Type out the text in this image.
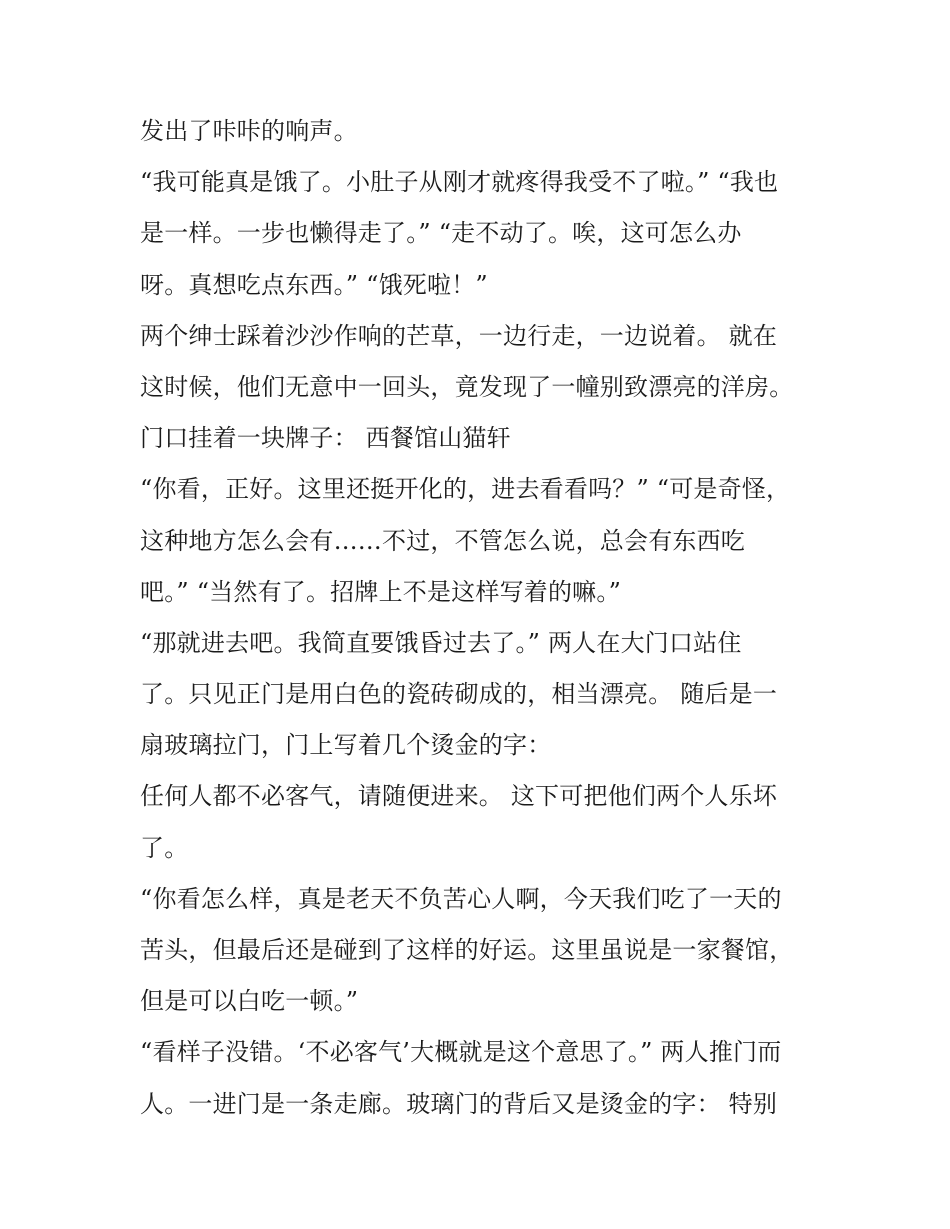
发出了咔咔的响声。
“我可能真是饿了。小肚子从刚才就疼得我受不了啦。” “我也
是一样。一步也懒得走了。” “走不动了。唉，这可怎么办
呀。真想吃点东西。” “饿死啦！”
两个绅士踩着沙沙作响的芒草，一边行走，一边说着。 就在
这时候，他们无意中一回头，竟发现了一幢别致漂亮的洋房。
门口挂着一块牌子： 西餐馆山猫轩
“你看，正好。这里还挺开化的，进去看看吗？” “可是奇怪，
这种地方怎么会有……不过，不管怎么说，总会有东西吃
吧。” “当然有了。招牌上不是这样写着的嘛。”
“那就进去吧。我简直要饿昏过去了。” 两人在大门口站住
了。只见正门是用白色的瓷砖砌成的，相当漂亮。 随后是一
扇玻璃拉门，门上写着几个烫金的字：
任何人都不必客气，请随便进来。 这下可把他们两个人乐坏
了。
“你看怎么样，真是老天不负苦心人啊，今天我们吃了一天的
苦头，但最后还是碰到了这样的好运。这里虽说是一家餐馆，
但是可以白吃一顿。”
“看样子没错。‘不必客气’大概就是这个意思了。” 两人推门而
人。一进门是一条走廊。玻璃门的背后又是烫金的字： 特别
